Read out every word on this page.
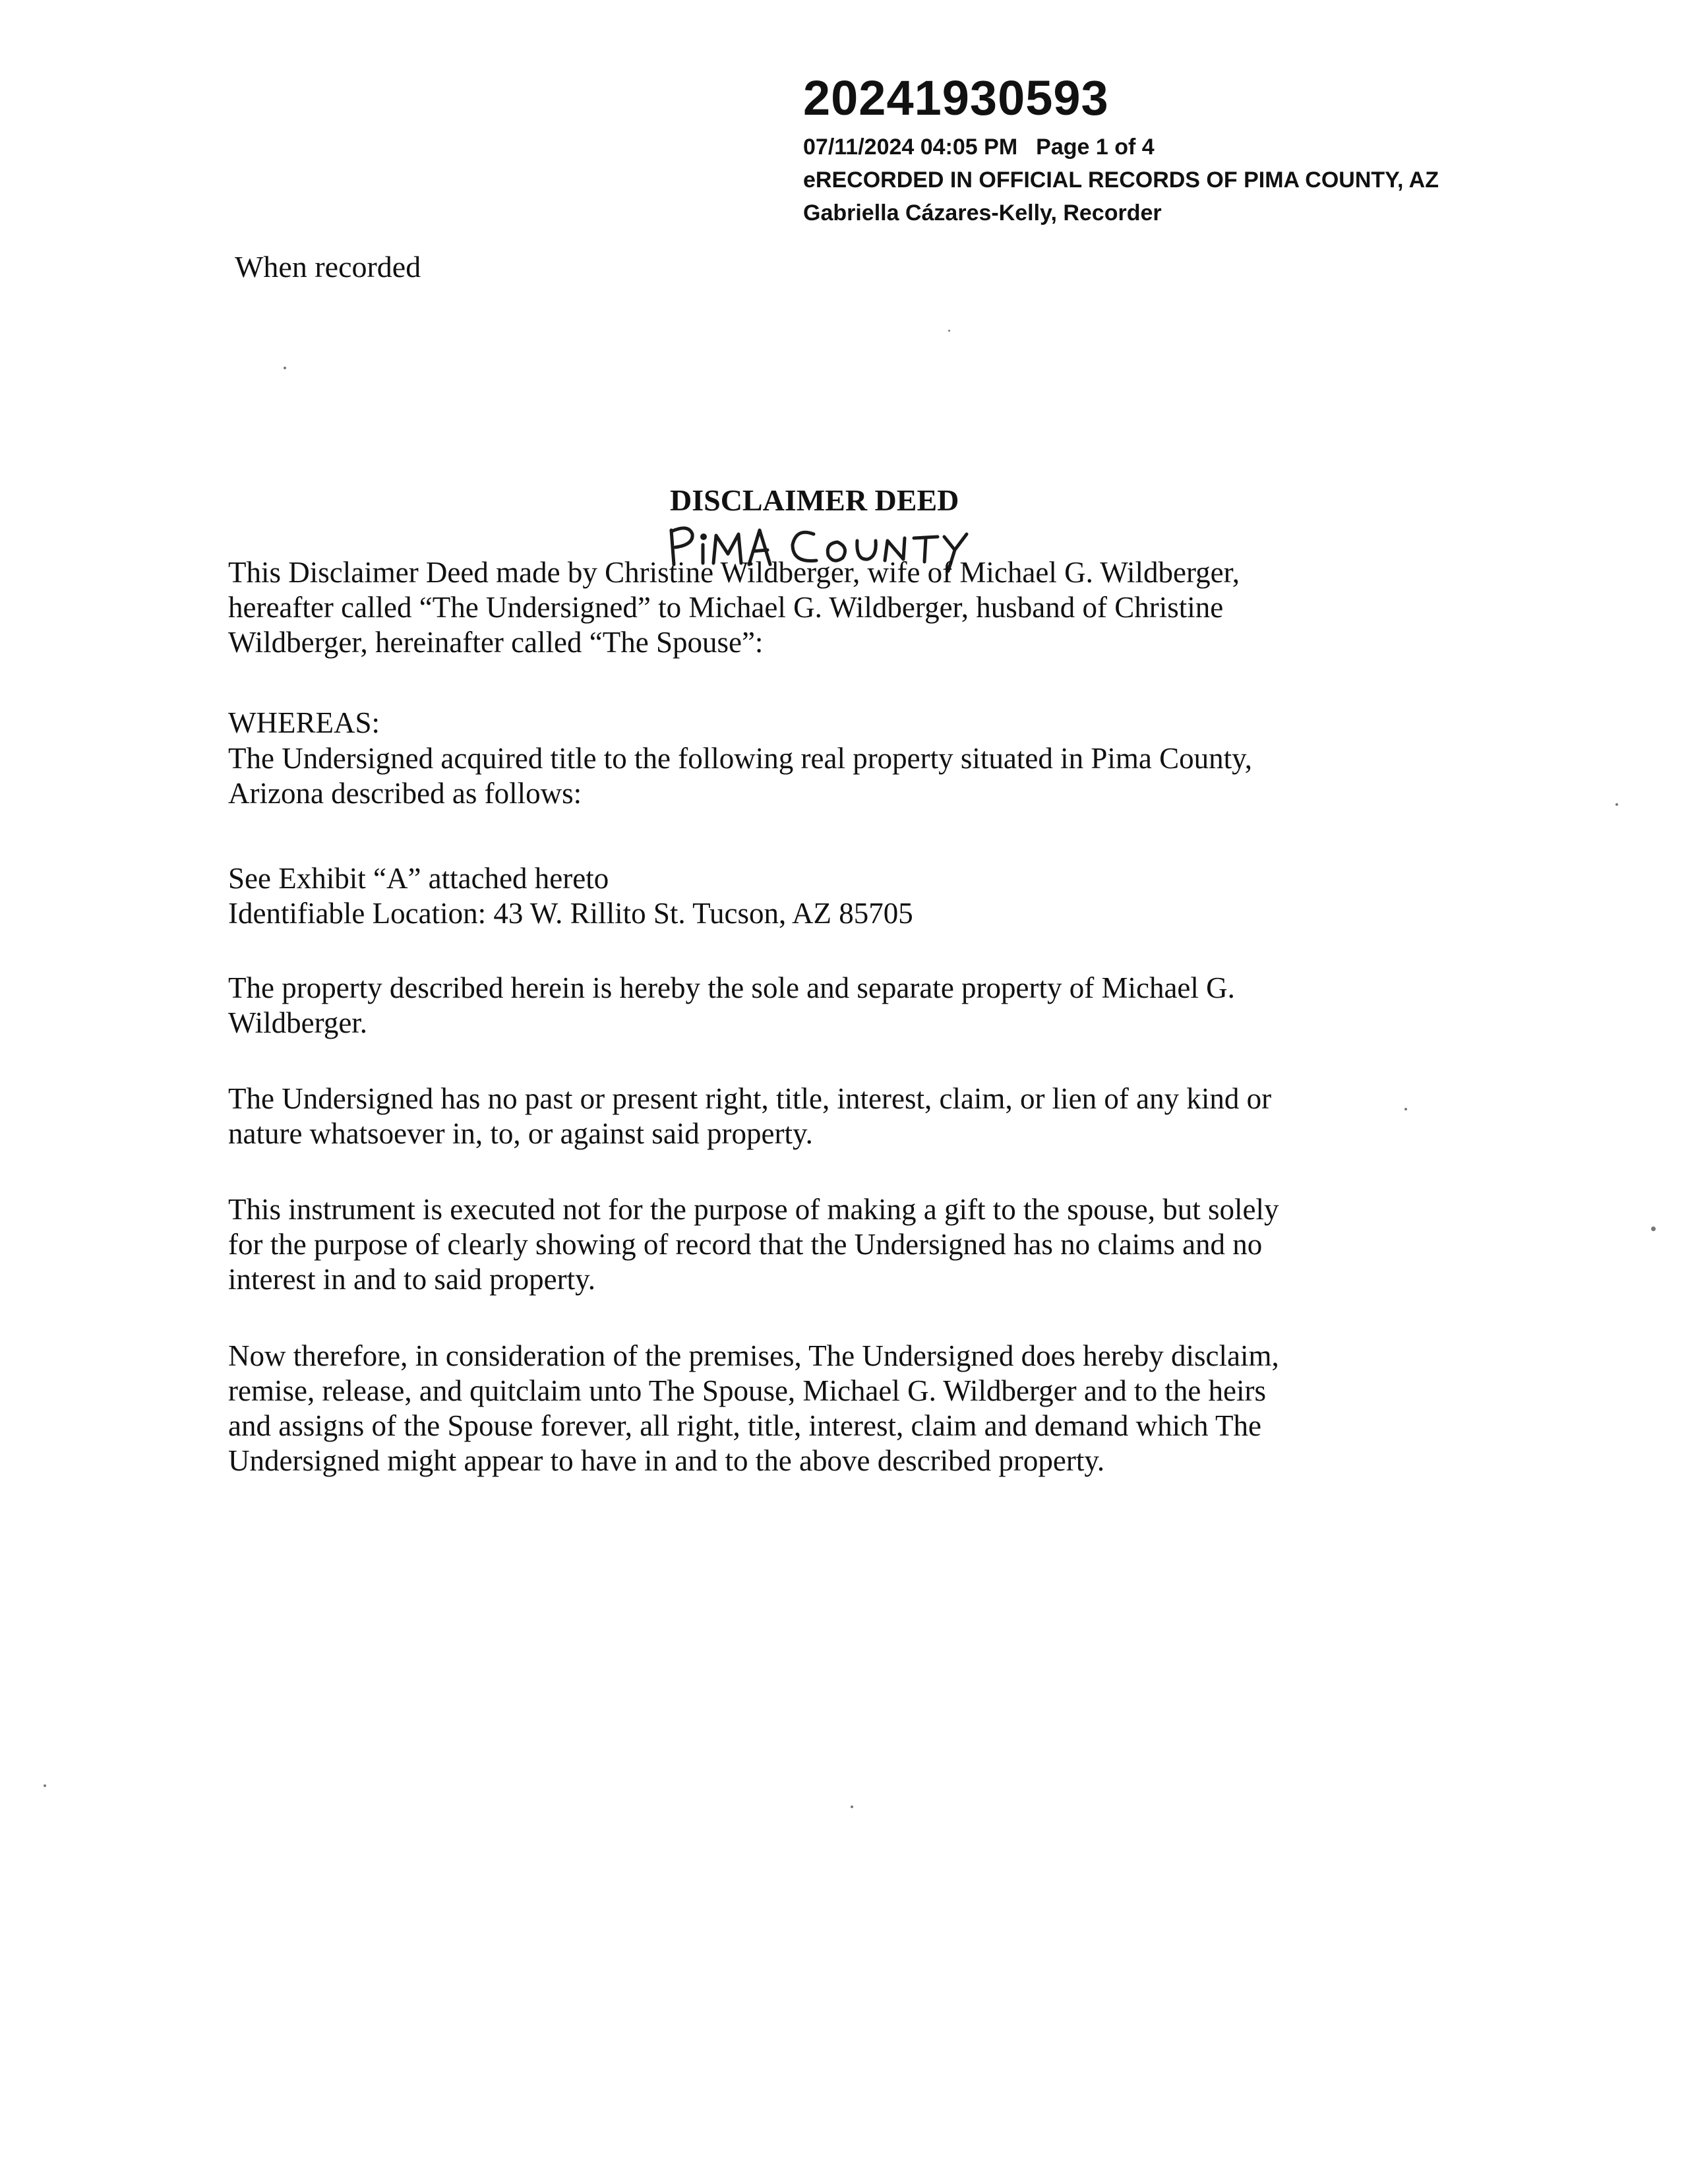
20241930593
07/11/2024 04:05 PM Page 1 of 4
eRECORDED IN OFFICIAL RECORDS OF PIMA COUNTY, AZ
Gabriella Cázares-Kelly, Recorder
When recorded
DISCLAIMER DEED
This Disclaimer Deed made by Christine Wildberger, wife of Michael G. Wildberger,
hereafter called “The Undersigned” to Michael G. Wildberger, husband of Christine
Wildberger, hereinafter called “The Spouse”:
WHEREAS:
The Undersigned acquired title to the following real property situated in Pima County,
Arizona described as follows:
See Exhibit “A” attached hereto
Identifiable Location: 43 W. Rillito St. Tucson, AZ 85705
The property described herein is hereby the sole and separate property of Michael G.
Wildberger.
The Undersigned has no past or present right, title, interest, claim, or lien of any kind or
nature whatsoever in, to, or against said property.
This instrument is executed not for the purpose of making a gift to the spouse, but solely
for the purpose of clearly showing of record that the Undersigned has no claims and no
interest in and to said property.
Now therefore, in consideration of the premises, The Undersigned does hereby disclaim,
remise, release, and quitclaim unto The Spouse, Michael G. Wildberger and to the heirs
and assigns of the Spouse forever, all right, title, interest, claim and demand which The
Undersigned might appear to have in and to the above described property.
